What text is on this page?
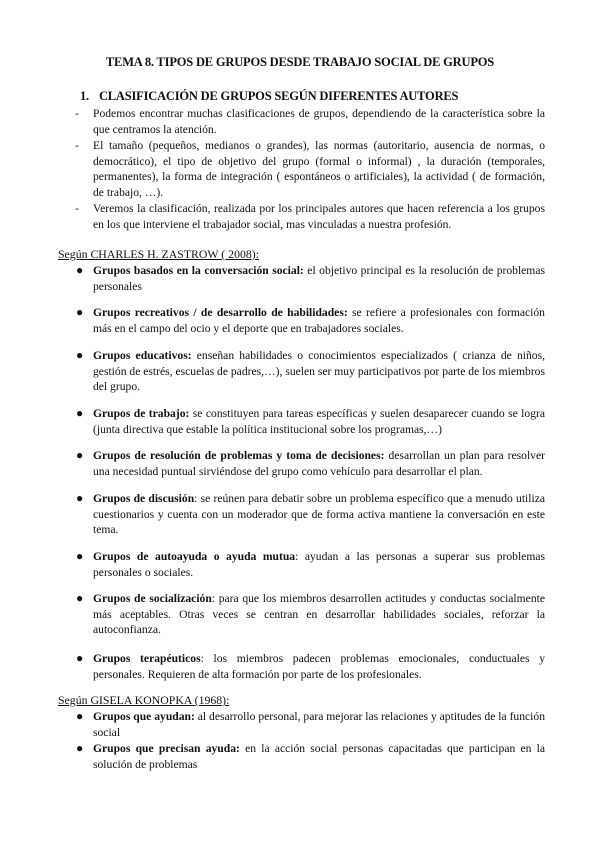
TEMA 8. TIPOS DE GRUPOS DESDE TRABAJO SOCIAL DE GRUPOS
1. CLASIFICACIÓN DE GRUPOS SEGÚN DIFERENTES AUTORES
- Podemos encontrar muchas clasificaciones de grupos, dependiendo de la característica sobre la que centramos la atención.
- El tamaño (pequeños, medianos o grandes), las normas (autoritario, ausencia de normas, o democrático), el tipo de objetivo del grupo (formal o informal) , la duración (temporales, permanentes), la forma de integración ( espontáneos o artificiales), la actividad ( de formación, de trabajo, …).
- Veremos la clasificación, realizada por los principales autores que hacen referencia a los grupos en los que interviene el trabajador social, mas vinculadas a nuestra profesión.
Según CHARLES H. ZASTROW ( 2008):
● Grupos basados en la conversación social: el objetivo principal es la resolución de problemas personales
● Grupos recreativos / de desarrollo de habilidades: se refiere a profesionales con formación más en el campo del ocio y el deporte que en trabajadores sociales.
● Grupos educativos: enseñan habilidades o conocimientos especializados ( crianza de niños, gestión de estrés, escuelas de padres,…), suelen ser muy participativos por parte de los miembros del grupo.
● Grupos de trabajo: se constituyen para tareas específicas y suelen desaparecer cuando se logra (junta directiva que estable la política institucional sobre los programas,…)
● Grupos de resolución de problemas y toma de decisiones: desarrollan un plan para resolver una necesidad puntual sirviéndose del grupo como vehículo para desarrollar el plan.
● Grupos de discusión: se reúnen para debatir sobre un problema específico que a menudo utiliza cuestionarios y cuenta con un moderador que de forma activa mantiene la conversación en este tema.
● Grupos de autoayuda o ayuda mutua: ayudan a las personas a superar sus problemas personales o sociales.
● Grupos de socialización: para que los miembros desarrollen actitudes y conductas socialmente más aceptables. Otras veces se centran en desarrollar habilidades sociales, reforzar la autoconfianza.
● Grupos terapéuticos: los miembros padecen problemas emocionales, conductuales y personales. Requieren de alta formación por parte de los profesionales.
Según GISELA KONOPKA (1968):
● Grupos que ayudan: al desarrollo personal, para mejorar las relaciones y aptitudes de la función social
● Grupos que precisan ayuda: en la acción social personas capacitadas que participan en la solución de problemas
